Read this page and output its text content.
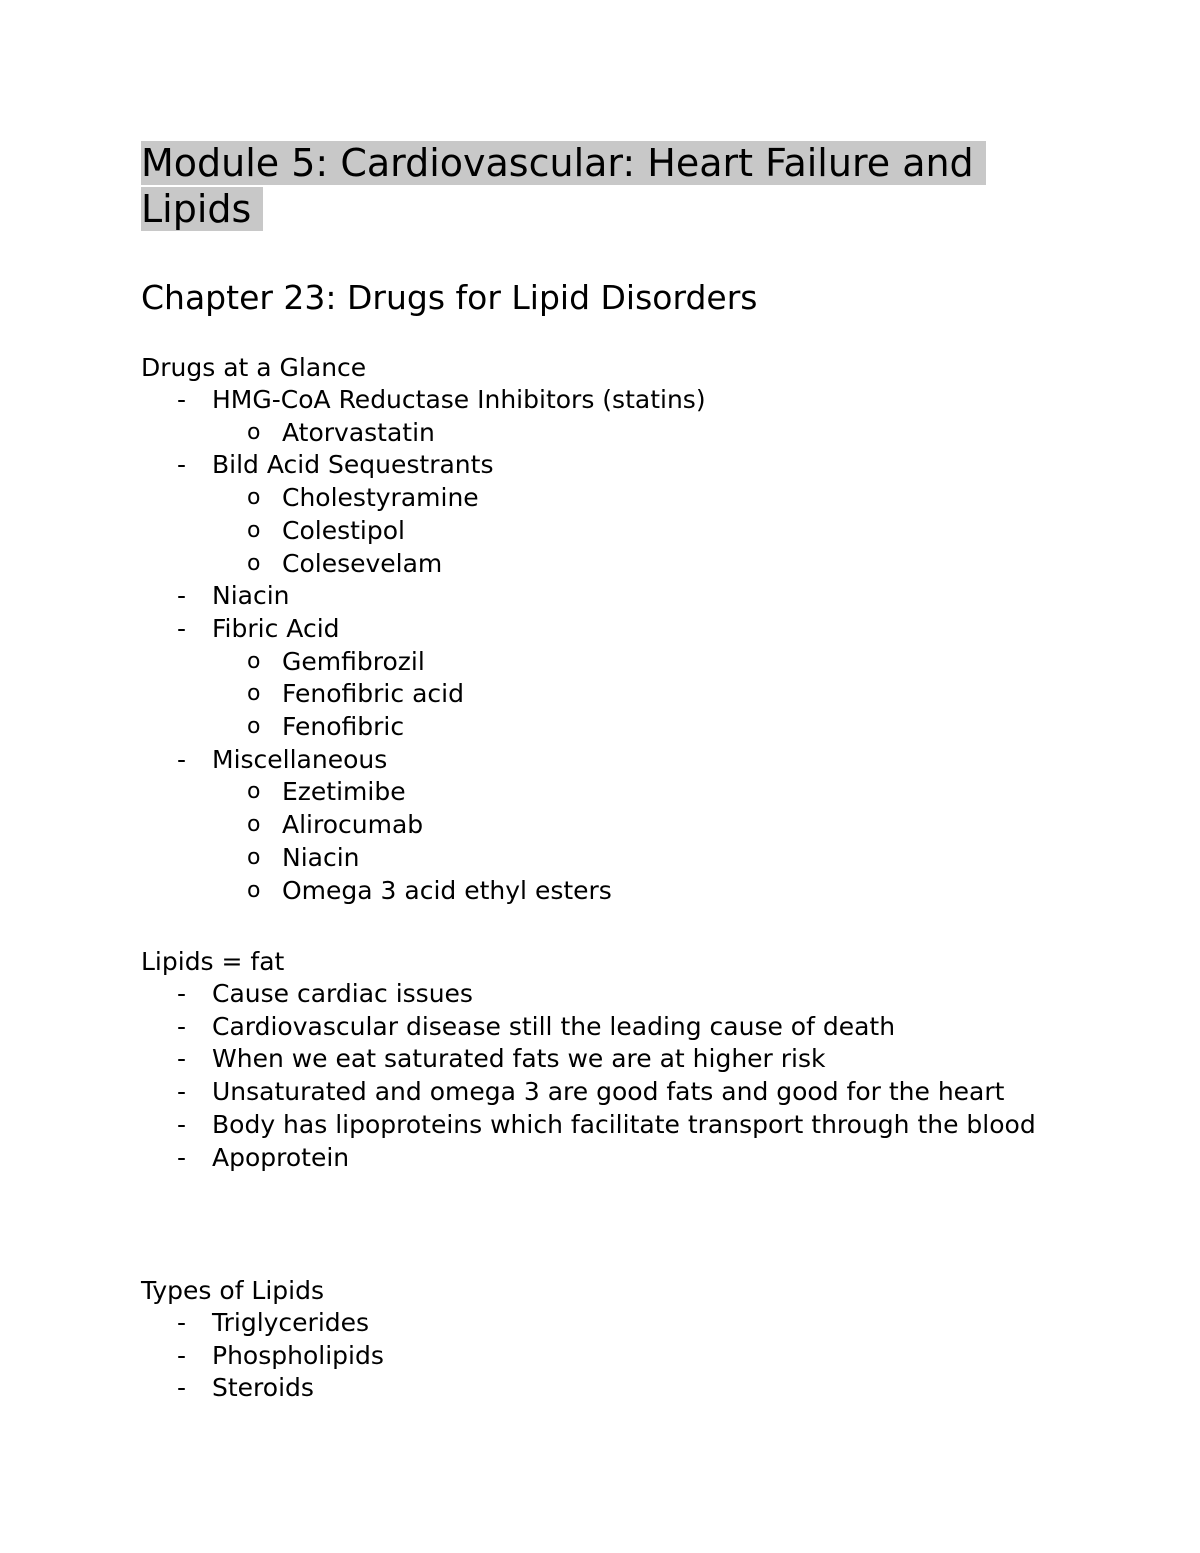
Module 5: Cardiovascular: Heart Failure and Lipids
Chapter 23: Drugs for Lipid Disorders

Drugs at a Glance

- HMG-CoA Reductase Inhibitors (statins)
o Atorvastatin
- Bild Acid Sequestrants
o Cholestyramine
o Colestipol
o Colesevelam
- Niacin
- Fibric Acid
o Gemfibrozil
o Fenofibric acid
o Fenofibric
- Miscellaneous
o Ezetimibe
o Alirocumab
o Niacin
o Omega 3 acid ethyl esters

Lipids = fat

- Cause cardiac issues
- Cardiovascular disease still the leading cause of death
- When we eat saturated fats we are at higher risk
- Unsaturated and omega 3 are good fats and good for the heart
- Body has lipoproteins which facilitate transport through the blood
- Apoprotein

Types of Lipids

- Triglycerides
- Phospholipids
- Steroids
